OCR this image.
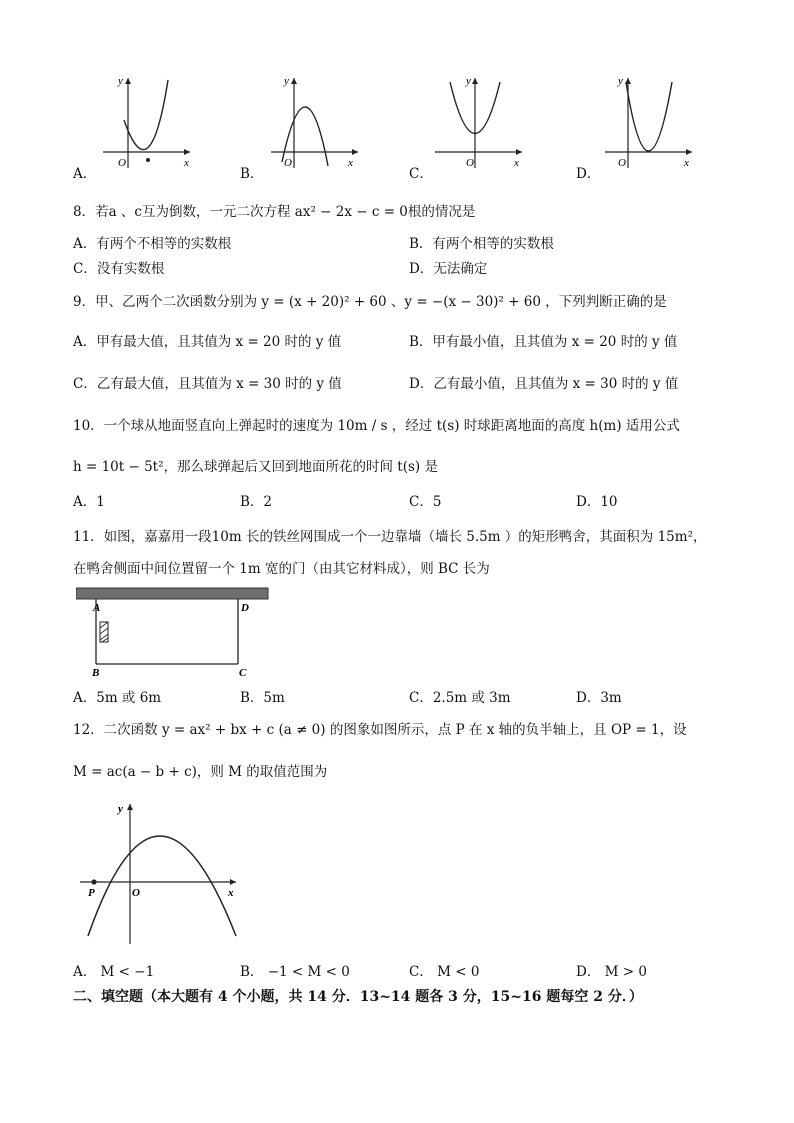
y
x
O
A．
y
x
O
B．
y
x
O
C．
y
x
O
D．
8．若a 、c互为倒数，一元二次方程 ax² − 2x − c = 0根的情况是
A．有两个不相等的实数根	B．有两个相等的实数根
C．没有实数根	D．无法确定
9．甲、乙两个二次函数分别为 y = (x + 20)² + 60 、y = −(x − 30)² + 60 ，下列判断正确的是
A．甲有最大值，且其值为 x = 20 时的 y 值	B．甲有最小值，且其值为 x = 20 时的 y 值
C．乙有最大值，且其值为 x = 30 时的 y 值	D．乙有最小值，且其值为 x = 30 时的 y 值
10．一个球从地面竖直向上弹起时的速度为 10m / s ，经过 t(s) 时球距离地面的高度 h(m) 适用公式
h = 10t − 5t²，那么球弹起后又回到地面所花的时间 t(s) 是
A．1	B．2	C．5	D．10
11．如图，嘉嘉用一段10m 长的铁丝网围成一个一边靠墙（墙长 5.5m ）的矩形鸭舍，其面积为 15m²，
在鸭舍侧面中间位置留一个 1m 宽的门（由其它材料成），则 BC 长为
A	D
B	C
A．5m 或 6m	B．5m	C．2.5m 或 3m	D．3m
12．二次函数 y = ax² + bx + c (a ≠ 0) 的图象如图所示，点 P 在 x 轴的负半轴上，且 OP = 1，设
M = ac(a − b + c)，则 M 的取值范围为
y
x
O
P
A． M < −1	B． −1 < M < 0	C． M < 0	D． M > 0
二、填空题（本大题有 4 个小题，共 14 分．13~14 题各 3 分，15~16 题每空 2 分．）
